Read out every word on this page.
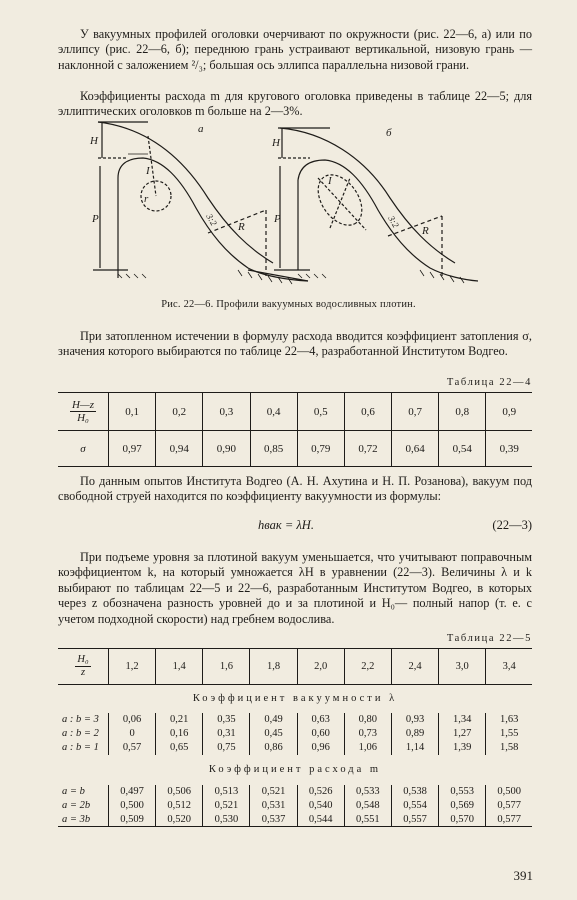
У вакуумных профилей оголовки очерчивают по окружности (рис. 22—6, а) или по эллипсу (рис. 22—6, б); переднюю грань устраивают вертикальной, низовую грань — наклонной с заложением ²/₃; большая ось эллипса параллельна низовой грани.

Коэффициенты расхода m для кругового оголовка приведены в таблице 22—5; для эллиптических оголовков m больше на 2—3%.

а	б
H	H
I
I
P	P
r
R	R
3:2	3:2
Рис. 22—6. Профили вакуумных водосливных плотин.

При затопленном истечении в формулу расхода вводится коэффициент затопления σ, значения которого выбираются по таблице 22—4, разработанной Институтом Водгео.

Таблица 22—4
$\frac{H—z}{\text{H₀}}$	0,1	0,2	0,3	0,4	0,5	0,6	0,7	0,8	0,9
σ	0,97	0,94	0,90	0,85	0,79	0,72	0,64	0,54	0,39

По данным опытов Института Водгео (А. Н. Ахутина и Н. П. Розанова), вакуум под свободной струей находится по коэффициенту вакуумности из формулы:

hвак = λH.	(22—3)

При подъеме уровня за плотиной вакуум уменьшается, что учитывают поправочным коэффициентом k, на который умножается λH в уравнении (22—3). Величины λ и k выбирают по таблицам 22—5 и 22—6, разработанным Институтом Водгео, в которых через z обозначена разность уровней до и за плотиной и H₀— полный напор (т. е. с учетом подходной скорости) над гребнем водослива.

Таблица 22—5
$\frac{\text{H₀}}{z}$	1,2	1,4	1,6	1,8	2,0	2,2	2,4	3,0	3,4
Коэффициент вакуумности λ									
a : b = 3	0,06	0,21	0,35	0,49	0,63	0,80	0,93	1,34	1,63
a : b = 2	0	0,16	0,31	0,45	0,60	0,73	0,89	1,27	1,55
a : b = 1	0,57	0,65	0,75	0,86	0,96	1,06	1,14	1,39	1,58
Коэффициент расхода m									
a = b	0,497	0,506	0,513	0,521	0,526	0,533	0,538	0,553	0,500
a = 2b	0,500	0,512	0,521	0,531	0,540	0,548	0,554	0,569	0,577
a = 3b	0,509	0,520	0,530	0,537	0,544	0,551	0,557	0,570	0,577
391
